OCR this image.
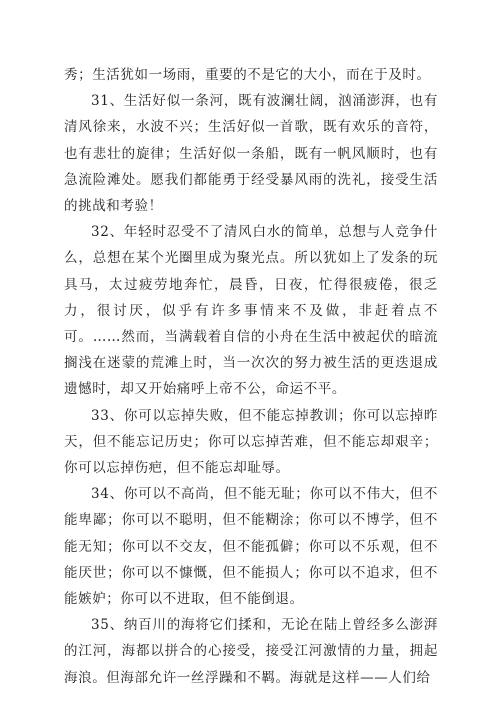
秀；生活犹如一场雨，重要的不是它的大小，而在于及时。

31、生活好似一条河，既有波澜壮阔，汹涌澎湃，也有清风徐来，水波不兴；生活好似一首歌，既有欢乐的音符，也有悲壮的旋律；生活好似一条船，既有一帆风顺时，也有急流险滩处。愿我们都能勇于经受暴风雨的洗礼，接受生活的挑战和考验！

32、年轻时忍受不了清风白水的简单，总想与人竞争什么，总想在某个光圈里成为聚光点。所以犹如上了发条的玩具马，太过疲劳地奔忙，晨昏，日夜，忙得很疲倦，很乏力，很讨厌，似乎有许多事情来不及做，非赶着点不可。……然而，当满载着自信的小舟在生活中被起伏的暗流搁浅在迷蒙的荒滩上时，当一次次的努力被生活的更迭退成遗憾时，却又开始痛呼上帝不公，命运不平。

33、你可以忘掉失败，但不能忘掉教训；你可以忘掉昨天，但不能忘记历史；你可以忘掉苦难，但不能忘却艰辛；你可以忘掉伤疤，但不能忘却耻辱。

34、你可以不高尚，但不能无耻；你可以不伟大，但不能卑鄙；你可以不聪明，但不能糊涂；你可以不博学，但不能无知；你可以不交友，但不能孤僻；你可以不乐观，但不能厌世；你可以不慷慨，但不能损人；你可以不追求，但不能嫉妒；你可以不进取，但不能倒退。

35、纳百川的海将它们揉和，无论在陆上曾经多么澎湃的江河，海都以拼合的心接受，接受江河激情的力量，拥起海浪。但海部允许一丝浮躁和不羁。海就是这样——人们给
